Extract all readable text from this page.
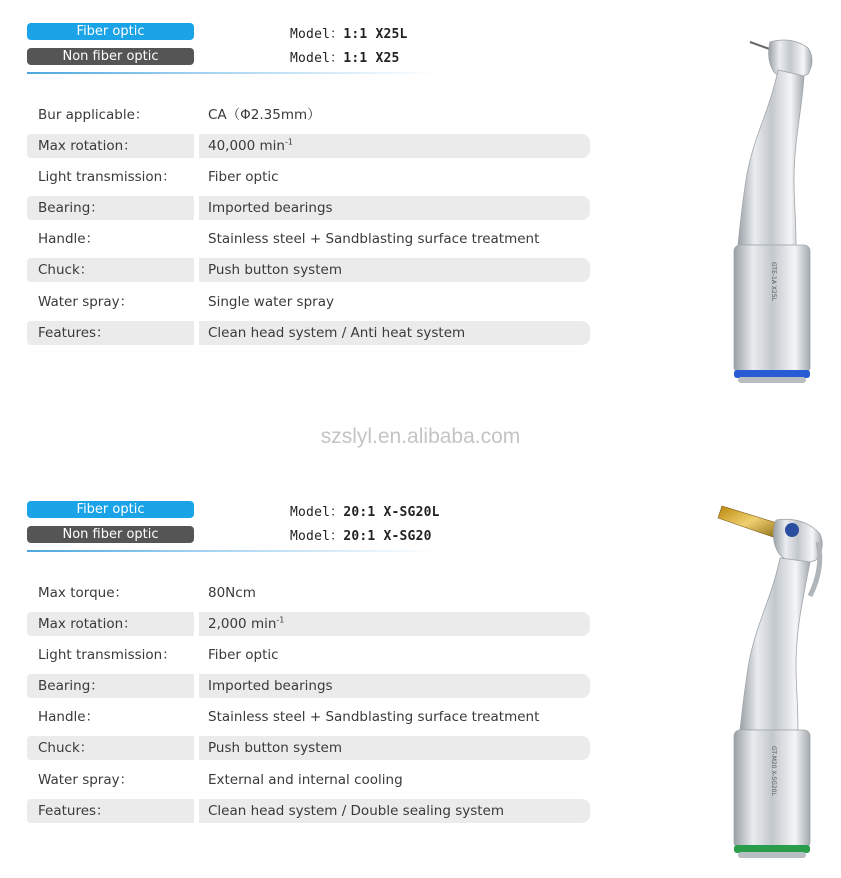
Fiber optic
Non fiber optic
Model：1:1 X25L
Model：1:1 X25
Bur applicable：	CA（Φ2.35mm）
Max rotation：	40,000 $\min^{-1}$
Light transmission：	Fiber optic
Bearing：	Imported bearings
Handle：	Stainless steel + Sandblasting surface treatment
Chuck：	Push button system
Water spray：	Single water spray
Features：	Clean head system / Anti heat system
GTE-1A X25L
szslyl.en.alibaba.com
Fiber optic
Non fiber optic
Model：20:1 X-SG20L
Model：20:1 X-SG20
Max torque：	80Ncm
Max rotation：	2,000 $\min^{-1}$
Light transmission：	Fiber optic
Bearing：	Imported bearings
Handle：	Stainless steel + Sandblasting surface treatment
Chuck：	Push button system
Water spray：	External and internal cooling
Features：	Clean head system / Double sealing system
GT-M20 X-SG20L
